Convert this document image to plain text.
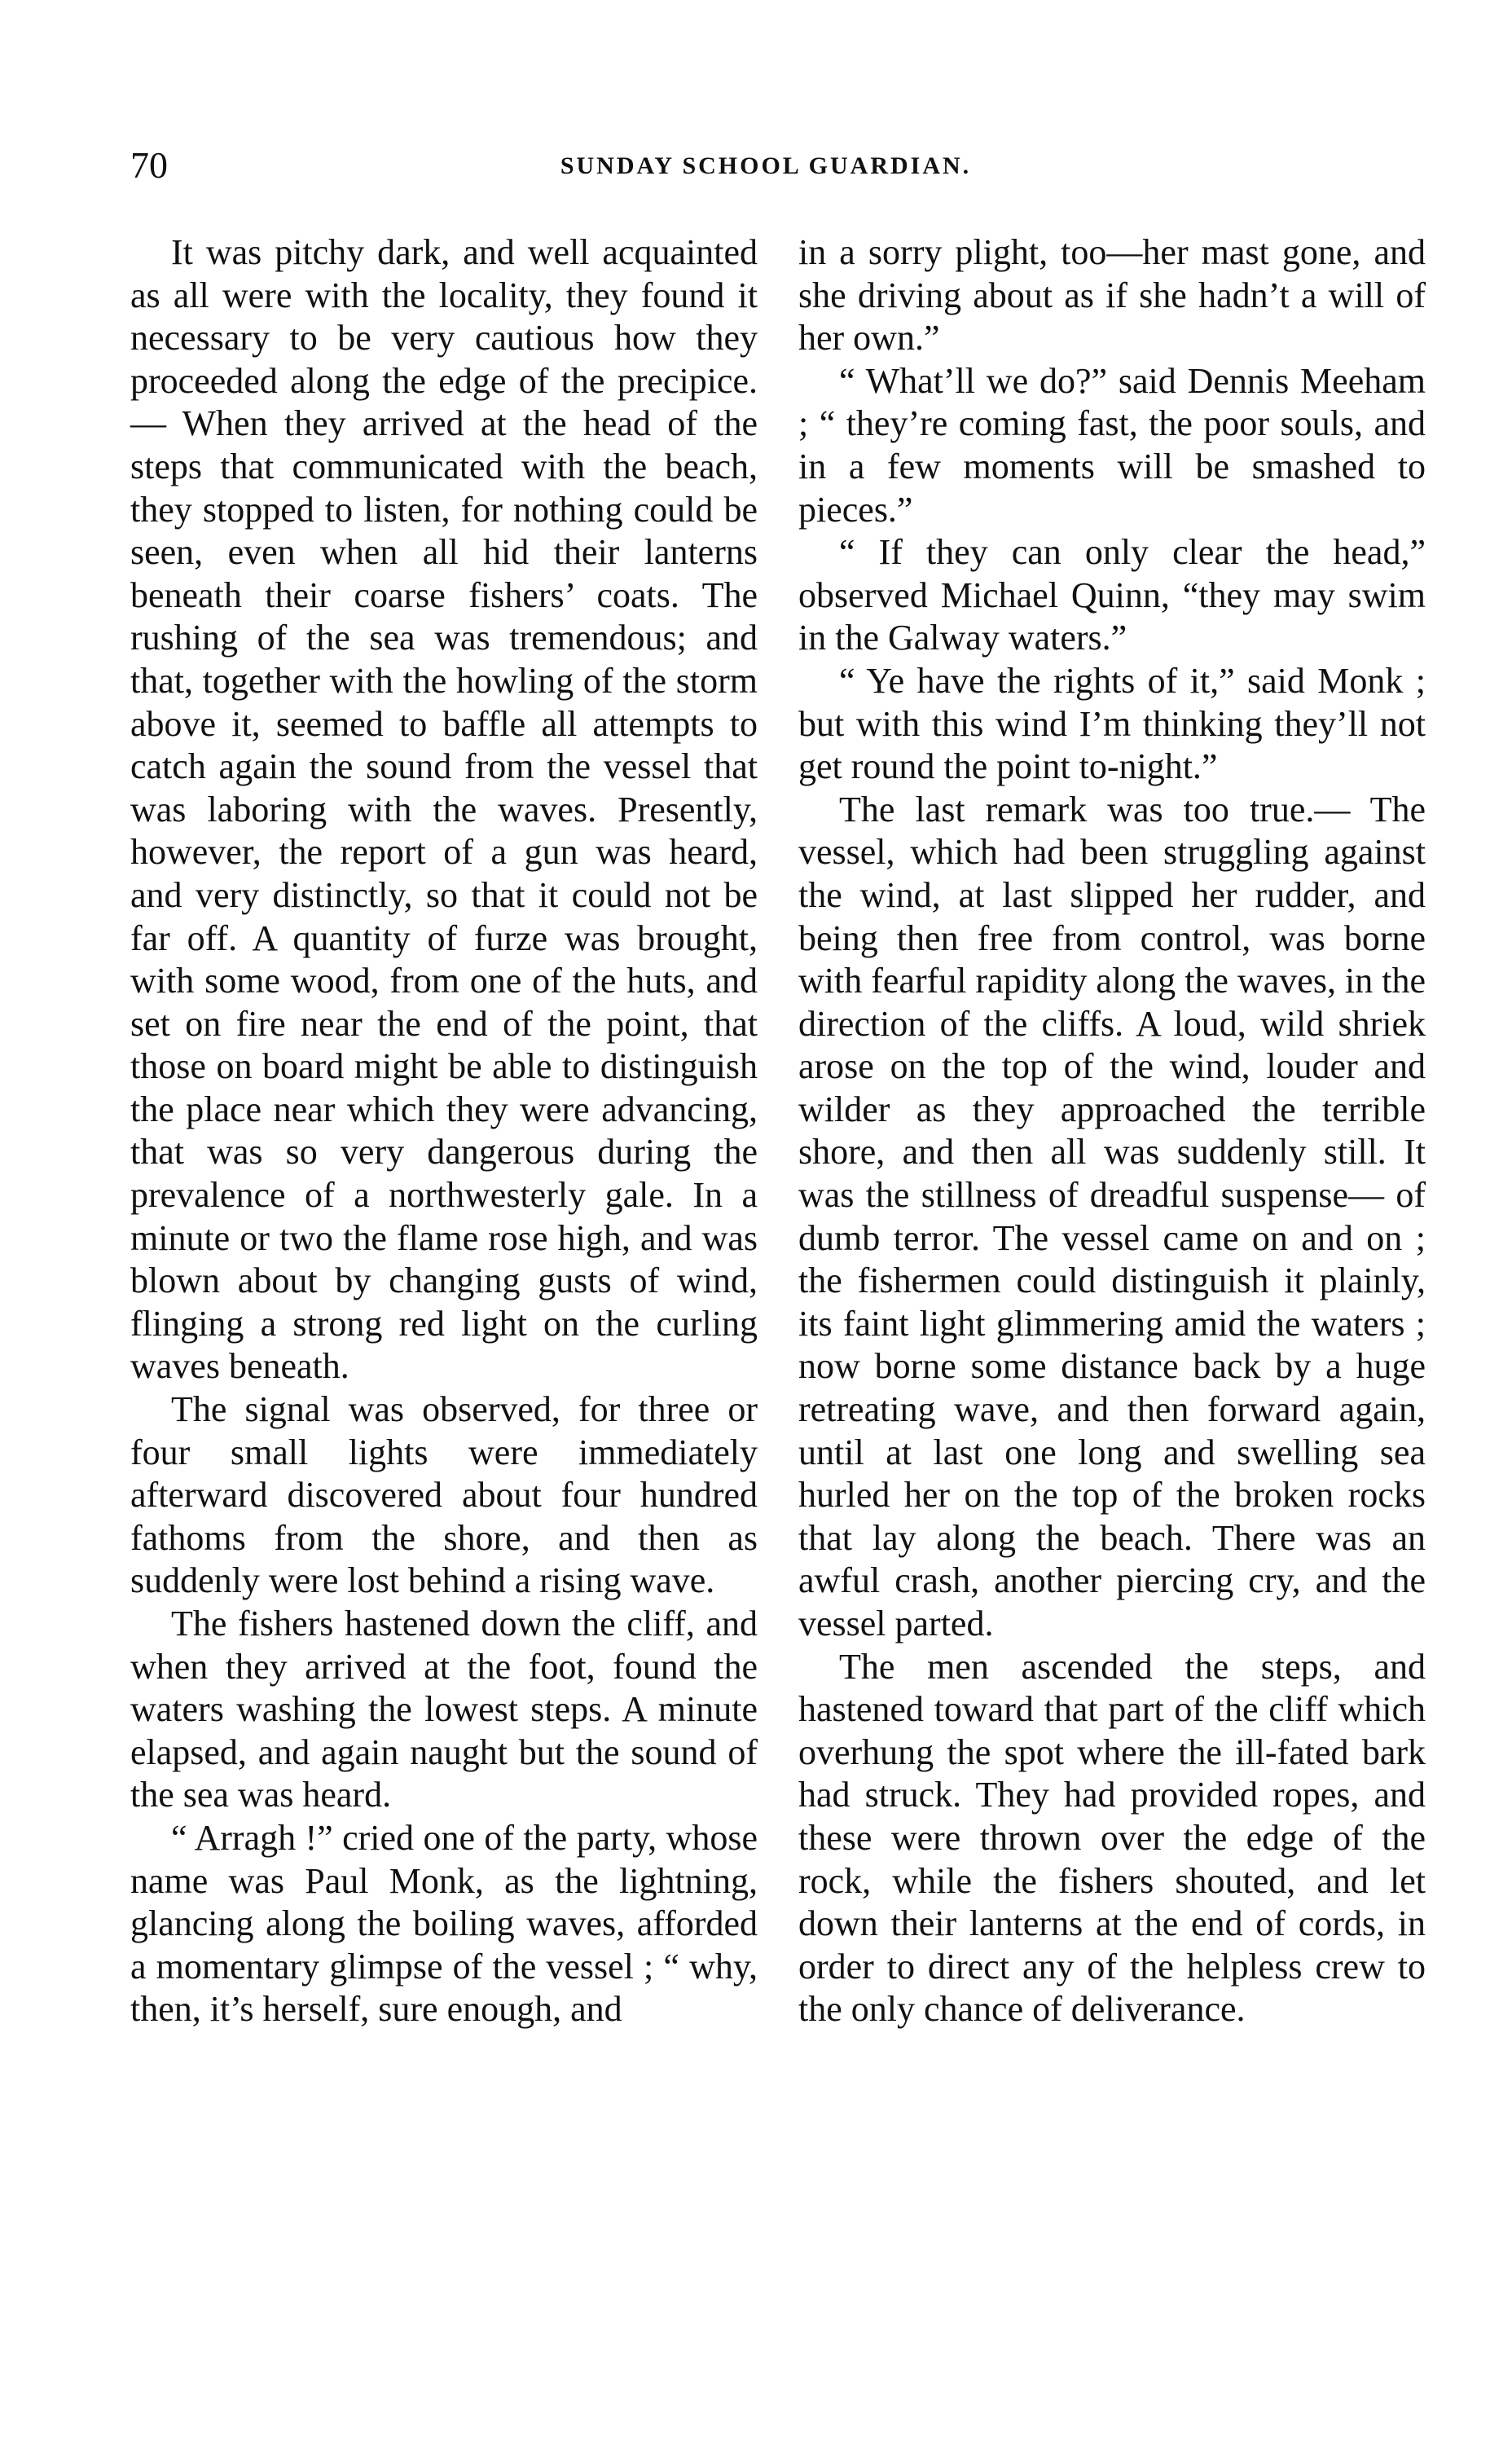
70	SUNDAY SCHOOL GUARDIAN.

It was pitchy dark, and well acquainted as all were with the locality, they found it necessary to be very cautious how they proceeded along the edge of the precipice.— When they arrived at the head of the steps that communicated with the beach, they stopped to listen, for nothing could be seen, even when all hid their lanterns beneath their coarse fishers’ coats. The rushing of the sea was tremendous; and that, together with the howling of the storm above it, seemed to baffle all attempts to catch again the sound from the vessel that was laboring with the waves. Presently, however, the report of a gun was heard, and very distinctly, so that it could not be far off. A quantity of furze was brought, with some wood, from one of the huts, and set on fire near the end of the point, that those on board might be able to distinguish the place near which they were advancing, that was so very dangerous during the prevalence of a northwesterly gale. In a minute or two the flame rose high, and was blown about by changing gusts of wind, flinging a strong red light on the curling waves beneath.

The signal was observed, for three or four small lights were immediately afterward discovered about four hundred fathoms from the shore, and then as suddenly were lost behind a rising wave.

The fishers hastened down the cliff, and when they arrived at the foot, found the waters washing the lowest steps. A minute elapsed, and again naught but the sound of the sea was heard.

“ Arragh !” cried one of the party, whose name was Paul Monk, as the lightning, glancing along the boiling waves, afforded a momentary glimpse of the vessel ; “ why, then, it’s herself, sure enough, and

in a sorry plight, too—her mast gone, and she driving about as if she hadn’t a will of her own.”

“ What’ll we do?” said Dennis Meeham ; “ they’re coming fast, the poor souls, and in a few moments will be smashed to pieces.”

“ If they can only clear the head,” observed Michael Quinn, “they may swim in the Galway waters.”

“ Ye have the rights of it,” said Monk ; but with this wind I’m thinking they’ll not get round the point to-night.”

The last remark was too true.— The vessel, which had been struggling against the wind, at last slipped her rudder, and being then free from control, was borne with fearful rapidity along the waves, in the direction of the cliffs. A loud, wild shriek arose on the top of the wind, louder and wilder as they approached the terrible shore, and then all was suddenly still. It was the stillness of dreadful suspense— of dumb terror. The vessel came on and on ; the fishermen could distinguish it plainly, its faint light glimmering amid the waters ; now borne some distance back by a huge retreating wave, and then forward again, until at last one long and swelling sea hurled her on the top of the broken rocks that lay along the beach. There was an awful crash, another piercing cry, and the vessel parted.

The men ascended the steps, and hastened toward that part of the cliff which overhung the spot where the ill-fated bark had struck. They had provided ropes, and these were thrown over the edge of the rock, while the fishers shouted, and let down their lanterns at the end of cords, in order to direct any of the helpless crew to the only chance of deliverance.
